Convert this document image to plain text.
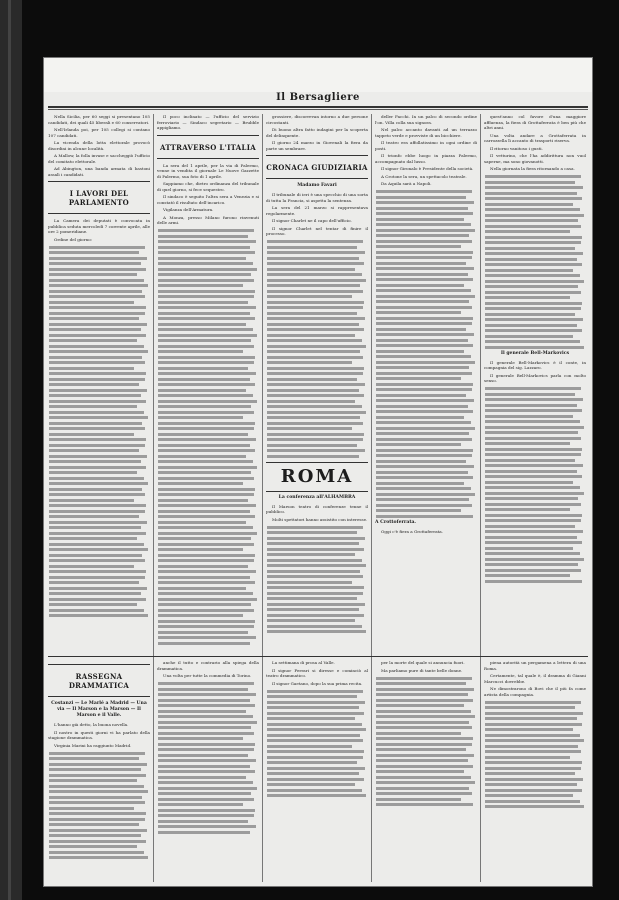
Il Bersagliere

Nella Sicilia, per 60 seggi si presentano 105 candidati, dei quali 45 liberali e 60 conservatori.

Nell'Irlanda poi, per 105 collegi si contano 107 candidati.

La vicenda della lotta elettorale provocò disordini in alcune località.

A Mallow, la folla invase e saccheggiò l'ufficio del comitato elettorale.

Ad Abington, una banda armata di bastoni assalì i candidati.

I LAVORI DEL PARLAMENTO

La Camera dei deputati è convocata in pubblica seduta mercoledì 7 corrente aprile, alle ore 2 pomeridiane.

Ordine del giorno:

Il poco inclinato — l'ufficio del servizio ferroviario — Sindaco segretario — Brubble appigliamo.

ATTRAVERSO L'ITALIA

La sera del 1 aprile, per la via di Palermo, venne in vendita il giornale Le Nuove Gazzette di Palermo, sua foto di 1 aprile.

Sappiamo che, dietro ordinanza del tribunale di quel giorno, si fece sequestro.

Il sindaco è seguito l'altra sera a Venezia e si constatò il risultato dell'incarico.

Vigilanza dell'Armatura.

A Monza, presso Milano furono rinvenuti delle armi.

grossiere, discorrevan intorno a due persone circostanti.

Di buono altra fatto indagini per la scoperta del delinquente.

Il giorno 24 marzo in Giovenali la fiera da parte un sembrare.

CRONACA GIUDIZIARIA
Madamo Favari

Il tribunale di ieri è una specchio di una sorta di tutta la Francia, si aspetta la sentenza.

La sera del 21 marzo si rappresentava regolarmente.

Il signor Charlet ne il capo dell'ufficio.

Il signor Charlet nel tentar di finire il processo.

ROMA
La conferenza all'ALHAMBRA

Il Marson teatro di conferenze tenne il pubblico.

Molti spettatori hanno assistito con interesse.

deller Facchi. In un palco di secondo ordine l'on. Villa colla sua signora.

Nel palco accanto davanti ad un terrazzo tappeto verde e provviste di un bicchiere.

Il teatro era affollatissimo in ogni ordine di posti.

Il trionfo ebbe luogo in piazza Palermo, accompagnato dal lusso.

Il signor Gironalo è Presidente della società.

A Crotone la sera, un spettacolo teatrale.

Da Aquila sarà a Napoli.

A Crottoferrata.

Oggi c'è fiera a Grottaferrata.

quest'anno col favore d'una maggiore affluenza, la fiera di Grottaferrata è ben più che altri anni.

Una volta andare a Grottaferrata in carrozzella lì accanto di trasporti riserva.

Il ritorno vanitoso i gusti.

Il vetturino, che l'ha addirittura non vuol saperne, ma sono giovanotti.

Nella giornata la fiera ritornando a casa.

Il generale Bell-Markovics

Il generale Bell-Markovics è il conte, in compagnia del sig. Lazzaro.

Il generale Bell-Markovics parla con molto senso.

RASSEGNA DRAMMATICA
Costanzi — Le Marlé a Madrid — Una via — Il Marson e la Marson — Il Marson e il Valle.

L'hanno già detto, la buona novella.

Il nostro in questi giorni vi ha parlato della stagione drammatica.

Virginia Marini ha raggiunto Madrid.

anche il tutto e contrario alla spiega della drammatica.

Una volta per tutte la commedia di Torino.

La settimana di prosa al Valle.

Il signor Ferrari si diresse e cominciò al teatro drammatico.

Il signor Gaetano, dopo la sua prima recita.

per la morte del quale si annuncia fuori.

Ma parliamo pure di tante belle donne.

piena autorità un pergamena a lettera di una Roma.

Certamente, tal quale è, il dramma di Gianni Marcucci dovrebbe.

Ne dimostrarono di Bovi che il più fa come artista della compagnia.
